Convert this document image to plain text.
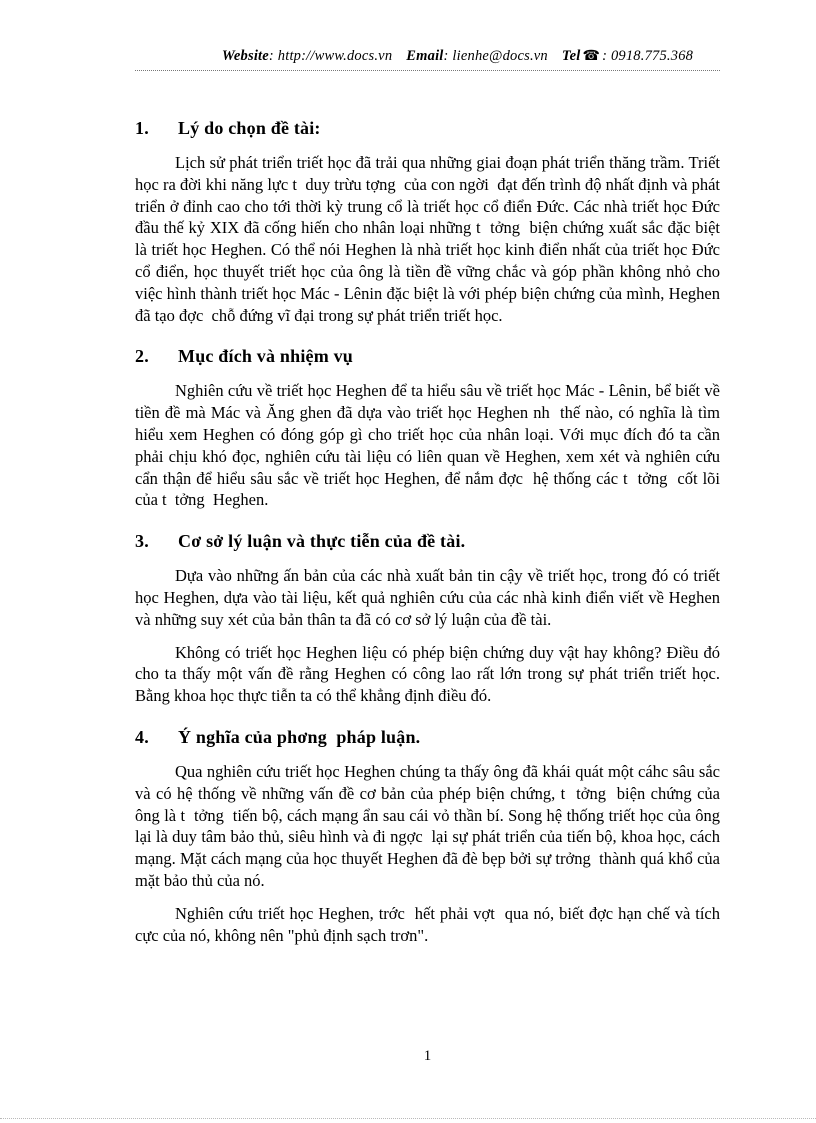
Website: http://www.docs.vn Email: lienhe@docs.vn Tel ☎ : 0918.775.368
1.	Lý do chọn đề tài:

Lịch sử phát triển triết học đã trải qua những giai đoạn phát triển thăng trầm. Triết học ra đời khi năng lực t  duy trừu tợng  của con ngời  đạt đến trình độ nhất định và phát triển ở đỉnh cao cho tới thời kỳ trung cổ là triết học cổ điển Đức. Các nhà triết học Đức đầu thế kỷ XIX đã cống hiến cho nhân loại những t  tởng  biện chứng xuất sắc đặc biệt là triết học Heghen. Có thể nói Heghen là nhà triết học kinh điển nhất của triết học Đức cổ điển, học thuyết triết học của ông là tiền đề vững chắc và góp phần không nhỏ cho việc hình thành triết học Mác - Lênin đặc biệt là với phép biện chứng của mình, Heghen đã tạo đợc  chỗ đứng vĩ đại trong sự phát triển triết học.

2.	Mục đích và nhiệm vụ

Nghiên cứu về triết học Heghen để ta hiểu sâu về triết học Mác - Lênin, bể biết về tiền đề mà Mác và Ăng ghen đã dựa vào triết học Heghen nh  thế nào, có nghĩa là tìm hiểu xem Heghen có đóng góp gì cho triết học của nhân loại. Với mục đích đó ta cần phải chịu khó đọc, nghiên cứu tài liệu có liên quan về Heghen, xem xét và nghiên cứu cẩn thận để hiểu sâu sắc về triết học Heghen, để nắm đợc  hệ thống các t  tởng  cốt lõi của t  tởng  Heghen.

3.	Cơ sở lý luận và thực tiễn của đề tài.

Dựa vào những ấn bản của các nhà xuất bản tin cậy về triết học, trong đó có triết học Heghen, dựa vào tài liệu, kết quả nghiên cứu của các nhà kinh điển viết về Heghen và những suy xét của bản thân ta đã có cơ sở lý luận của đề tài.

Không có triết học Heghen liệu có phép biện chứng duy vật hay không? Điều đó cho ta thấy một vấn đề rằng Heghen có công lao rất lớn trong sự phát triển triết học. Bằng khoa học thực tiễn ta có thể khẳng định điều đó.

4.	Ý nghĩa của phơng  pháp luận.

Qua nghiên cứu triết học Heghen chúng ta thấy ông đã khái quát một cáhc sâu sắc và có hệ thống về những vấn đề cơ bản của phép biện chứng, t  tởng  biện chứng của ông là t  tởng  tiến bộ, cách mạng ẩn sau cái vỏ thần bí. Song hệ thống triết học của ông lại là duy tâm bảo thủ, siêu hình và đi ngợc  lại sự phát triển của tiến bộ, khoa học, cách mạng. Mặt cách mạng của học thuyết Heghen đã đè bẹp bởi sự trởng  thành quá khổ của mặt bảo thủ của nó.

Nghiên cứu triết học Heghen, trớc  hết phải vợt  qua nó, biết đợc hạn chế và tích cực của nó, không nên "phủ định sạch trơn".

1
